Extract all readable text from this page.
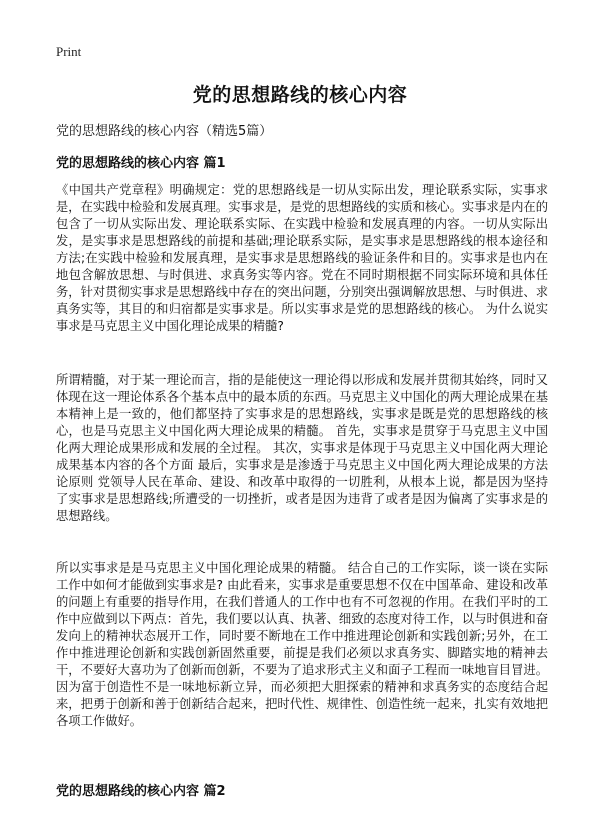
Print
党的思想路线的核心内容

党的思想路线的核心内容（精选5篇）

党的思想路线的核心内容 篇1

《中国共产党章程》明确规定：党的思想路线是一切从实际出发，理论联系实际，实事求是，在实践中检验和发展真理。实事求是，是党的思想路线的实质和核心。实事求是内在的包含了一切从实际出发、理论联系实际、在实践中检验和发展真理的内容。一切从实际出发，是实事求是思想路线的前提和基础;理论联系实际，是实事求是思想路线的根本途径和方法;在实践中检验和发展真理，是实事求是思想路线的验证条件和目的。实事求是也内在地包含解放思想、与时俱进、求真务实等内容。党在不同时期根据不同实际环境和具体任务，针对贯彻实事求是思想路线中存在的突出问题，分别突出强调解放思想、与时俱进、求真务实等，其目的和归宿都是实事求是。所以实事求是党的思想路线的核心。 为什么说实事求是马克思主义中国化理论成果的精髓?

所谓精髓，对于某一理论而言，指的是能使这一理论得以形成和发展并贯彻其始终，同时又体现在这一理论体系各个基本点中的最本质的东西。马克思主义中国化的两大理论成果在基本精神上是一致的，他们都坚持了实事求是的思想路线，实事求是既是党的思想路线的核心，也是马克思主义中国化两大理论成果的精髓。 首先，实事求是贯穿于马克思主义中国化两大理论成果形成和发展的全过程。 其次，实事求是体现于马克思主义中国化两大理论成果基本内容的各个方面 最后，实事求是是渗透于马克思主义中国化两大理论成果的方法论原则 党领导人民在革命、建设、和改革中取得的一切胜利，从根本上说，都是因为坚持了实事求是思想路线;所遭受的一切挫折，或者是因为违背了或者是因为偏离了实事求是的思想路线。

所以实事求是是马克思主义中国化理论成果的精髓。 结合自己的工作实际，谈一谈在实际工作中如何才能做到实事求是? 由此看来，实事求是重要思想不仅在中国革命、建设和改革的问题上有重要的指导作用，在我们普通人的工作中也有不可忽视的作用。在我们平时的工作中应做到以下两点：首先，我们要以认真、执著、细致的态度对待工作，以与时俱进和奋发向上的精神状态展开工作，同时要不断地在工作中推进理论创新和实践创新;另外，在工作中推进理论创新和实践创新固然重要，前提是我们必须以求真务实、脚踏实地的精神去干，不要好大喜功为了创新而创新，不要为了追求形式主义和面子工程而一味地盲目冒进。因为富于创造性不是一味地标新立异，而必须把大胆探索的精神和求真务实的态度结合起来，把勇于创新和善于创新结合起来，把时代性、规律性、创造性统一起来，扎实有效地把各项工作做好。

党的思想路线的核心内容 篇2
